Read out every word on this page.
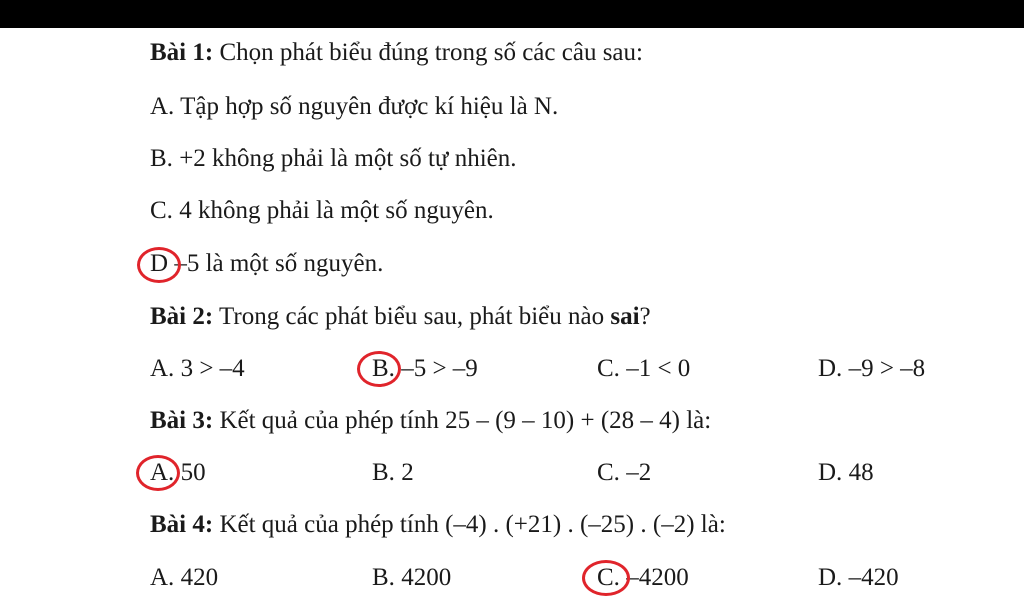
Bài 1: Chọn phát biểu đúng trong số các câu sau:
A. Tập hợp số nguyên được kí hiệu là N.
B. +2 không phải là một số tự nhiên.
C. 4 không phải là một số nguyên.
D –5 là một số nguyên.
Bài 2: Trong các phát biểu sau, phát biểu nào sai?
A. 3 > –4	B. –5 > –9	C. –1 < 0	D. –9 > –8
Bài 3: Kết quả của phép tính 25 – (9 – 10) + (28 – 4) là:
A. 50	B. 2	C. –2	D. 48
Bài 4: Kết quả của phép tính (–4) . (+21) . (–25) . (–2) là:
A. 420	B. 4200	C. –4200	D. –420
